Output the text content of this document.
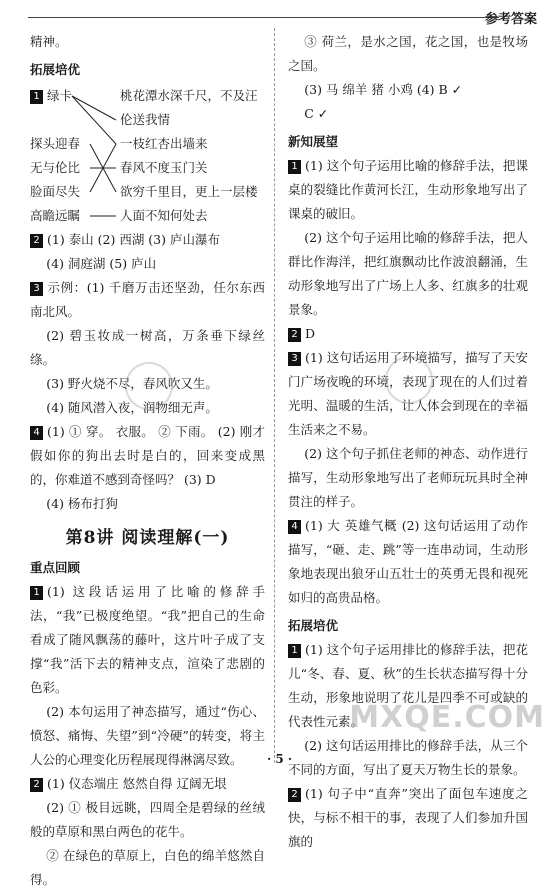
参考答案
精神。
拓展培优
1 绿卡
探头迎春
无与伦比
脸面尽失
高瞻远瞩
桃花潭水深千尺，不及汪伦送我情
一枝红杏出墙来
春风不度玉门关
欲穷千里目，更上一层楼
人面不知何处去
2 (1) 泰山 (2) 西湖 (3) 庐山瀑布
(4) 洞庭湖 (5) 庐山
3 示例：(1) 千磨万击还坚劲，任尔东西南北风。
(2) 碧玉妆成一树高，万条垂下绿丝绦。
(3) 野火烧不尽，春风吹又生。
(4) 随风潜入夜，润物细无声。
4 (1) ① 穿。 衣服。 ② 下雨。 (2) 刚才假如你的狗出去时是白的，回来变成黑的，你难道不感到奇怪吗？ (3) D
(4) 杨布打狗
第8讲 阅读理解(一)
重点回顾
1 (1) 这段话运用了比喻的修辞手法，“我”已极度绝望。“我”把自己的生命看成了随风飘荡的藤叶，这片叶子成了支撑“我”活下去的精神支点，渲染了悲剧的色彩。
(2) 本句运用了神态描写，通过“伤心、愤怒、痛悔、失望”到“冷硬”的转变，将主人公的心理变化历程展现得淋漓尽致。
2 (1) 仪态端庄 悠然自得 辽阔无垠
(2) ① 极目远眺，四周全是碧绿的丝绒般的草原和黑白两色的花牛。
② 在绿色的草原上，白色的绵羊悠然自得。
③ 荷兰，是水之国，花之国，也是牧场之国。
(3) 马 绵羊 猪 小鸡 (4) B ✓
C ✓
新知展望
1 (1) 这个句子运用比喻的修辞手法，把课桌的裂缝比作黄河长江，生动形象地写出了课桌的破旧。
(2) 这个句子运用比喻的修辞手法，把人群比作海洋，把红旗飘动比作波浪翻涌，生动形象地写出了广场上人多、红旗多的壮观景象。
2 D
3 (1) 这句话运用了环境描写，描写了天安门广场夜晚的环境，表现了现在的人们过着光明、温暖的生活，让人体会到现在的幸福生活来之不易。
(2) 这个句子抓住老师的神态、动作进行描写，生动形象地写出了老师玩玩具时全神贯注的样子。
4 (1) 大 英雄气概 (2) 这句话运用了动作描写，“砸、走、跳”等一连串动词，生动形象地表现出狼牙山五壮士的英勇无畏和视死如归的高贵品格。
拓展培优
1 (1) 这个句子运用排比的修辞手法，把花儿“冬、春、夏、秋”的生长状态描写得十分生动，形象地说明了花儿是四季不可或缺的代表性元素。
(2) 这句话运用排比的修辞手法，从三个不同的方面，写出了夏天万物生长的景象。
2 (1) 句子中“直奔”突出了面包车速度之快，与标不相干的事，表现了人们参加升国旗的
MXQE.COM
· 5 ·
